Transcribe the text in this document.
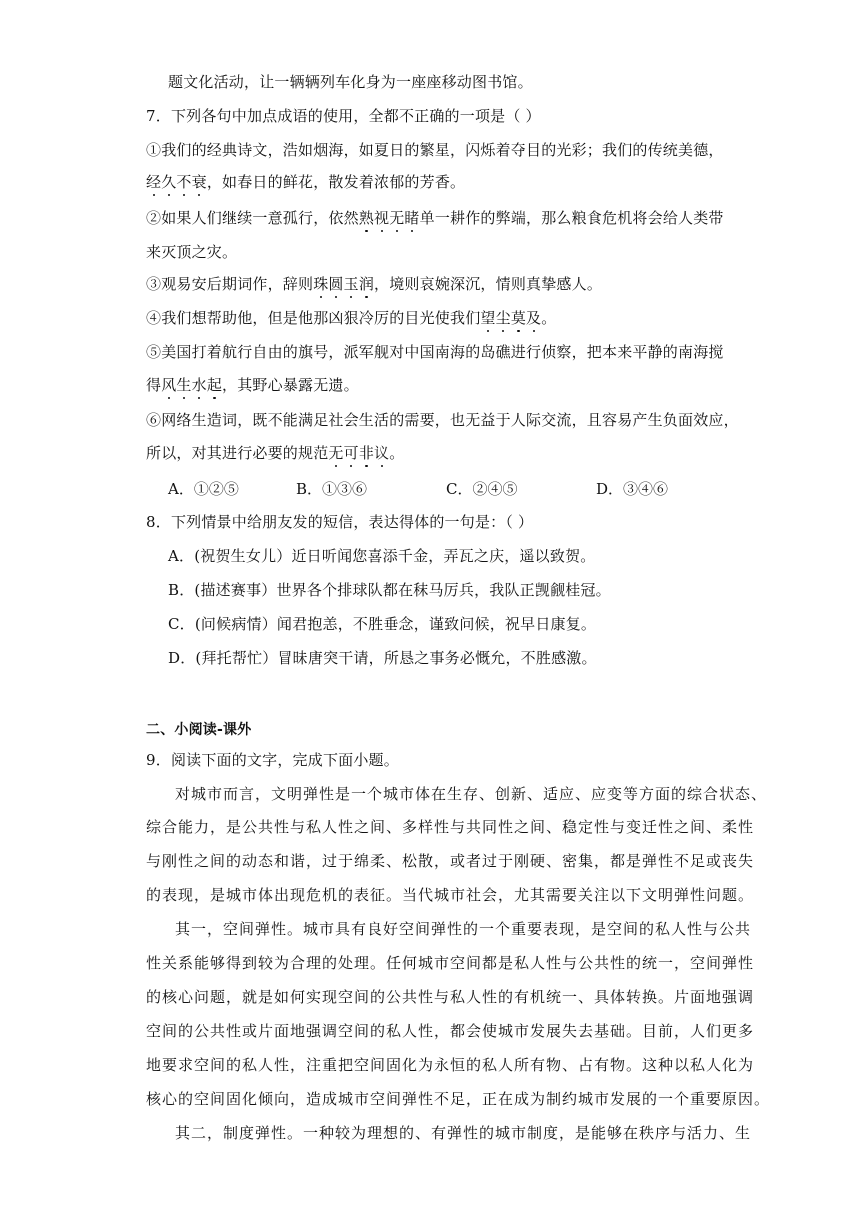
题文化活动，让一辆辆列车化身为一座座移动图书馆。
7．下列各句中加点成语的使用，全都不正确的一项是（ ）
①我们的经典诗文，浩如烟海，如夏日的繁星，闪烁着夺目的光彩；我们的传统美德，
经久不衰，如春日的鲜花，散发着浓郁的芳香。
②如果人们继续一意孤行，依然熟视无睹单一耕作的弊端，那么粮食危机将会给人类带
来灭顶之灾。
③观易安后期词作，辞则珠圆玉润，境则哀婉深沉，情则真挚感人。
④我们想帮助他，但是他那凶狠冷厉的目光使我们望尘莫及。
⑤美国打着航行自由的旗号，派军舰对中国南海的岛礁进行侦察，把本来平静的南海搅
得风生水起，其野心暴露无遗。
⑥网络生造词，既不能满足社会生活的需要，也无益于人际交流，且容易产生负面效应，
所以，对其进行必要的规范无可非议。
A．①②⑤	B．①③⑥	C．②④⑤	D．③④⑥
8．下列情景中给朋友发的短信，表达得体的一句是：（ ）
A．(祝贺生女儿）近日听闻您喜添千金，弄瓦之庆，遥以致贺。
B．(描述赛事）世界各个排球队都在秣马厉兵，我队正觊觎桂冠。
C．(问候病情）闻君抱恙，不胜垂念，谨致问候，祝早日康复。
D．(拜托帮忙）冒昧唐突干请，所恳之事务必慨允，不胜感激。
二、小阅读-课外
9．阅读下面的文字，完成下面小题。
对城市而言，文明弹性是一个城市体在生存、创新、适应、应变等方面的综合状态、
综合能力，是公共性与私人性之间、多样性与共同性之间、稳定性与变迁性之间、柔性
与刚性之间的动态和谐，过于绵柔、松散，或者过于刚硬、密集，都是弹性不足或丧失
的表现，是城市体出现危机的表征。当代城市社会，尤其需要关注以下文明弹性问题。
其一，空间弹性。城市具有良好空间弹性的一个重要表现，是空间的私人性与公共
性关系能够得到较为合理的处理。任何城市空间都是私人性与公共性的统一，空间弹性
的核心问题，就是如何实现空间的公共性与私人性的有机统一、具体转换。片面地强调
空间的公共性或片面地强调空间的私人性，都会使城市发展失去基础。目前，人们更多
地要求空间的私人性，注重把空间固化为永恒的私人所有物、占有物。这种以私人化为
核心的空间固化倾向，造成城市空间弹性不足，正在成为制约城市发展的一个重要原因。
其二，制度弹性。一种较为理想的、有弹性的城市制度，是能够在秩序与活力、生
